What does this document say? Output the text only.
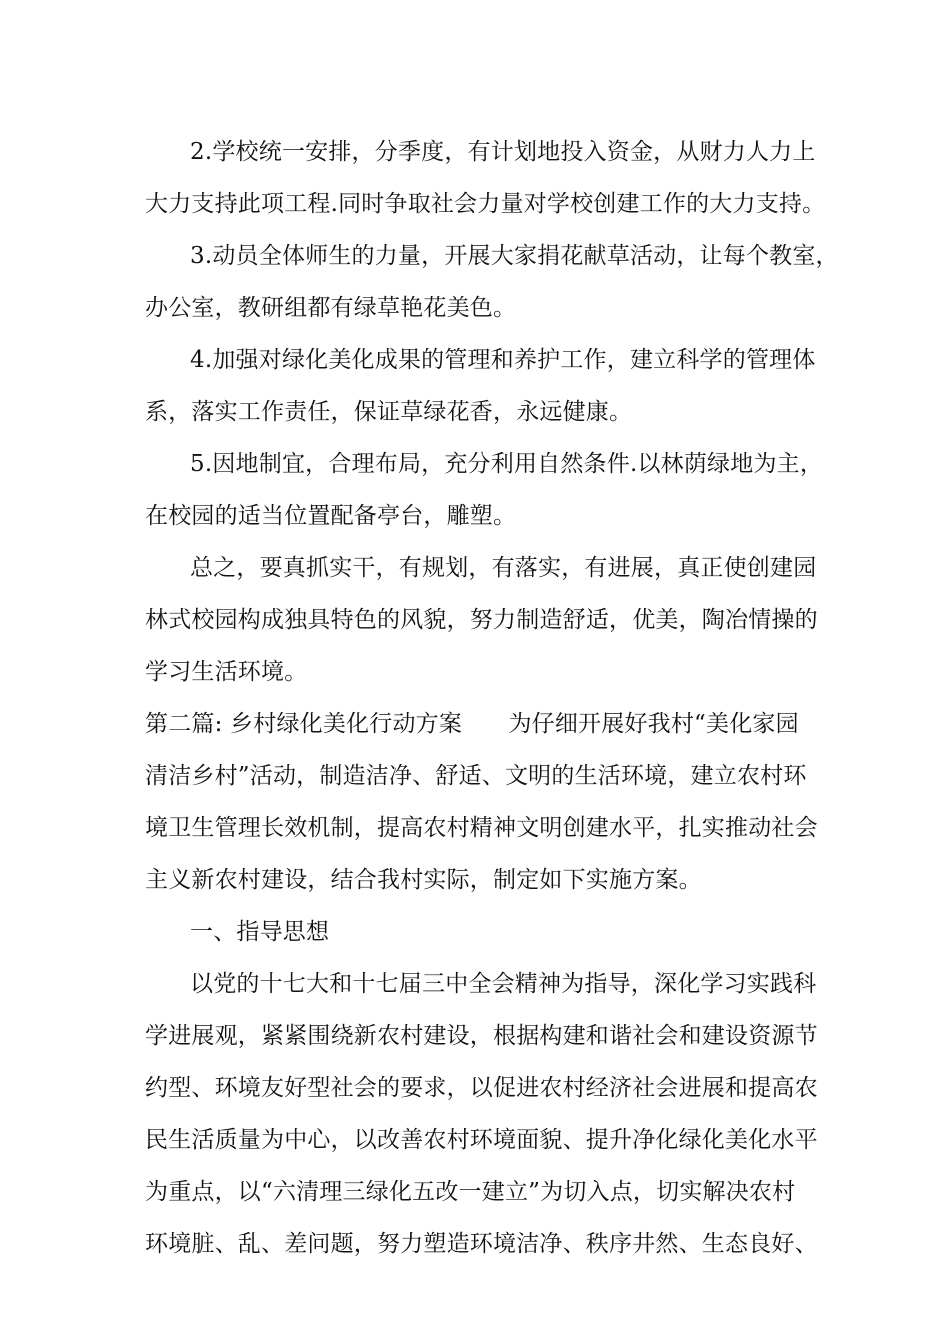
2.学校统一安排，分季度，有计划地投入资金，从财力人力上
大力支持此项工程.同时争取社会力量对学校创建工作的大力支持。
3.动员全体师生的力量，开展大家捐花献草活动，让每个教室，
办公室，教研组都有绿草艳花美色。
4.加强对绿化美化成果的管理和养护工作，建立科学的管理体
系，落实工作责任，保证草绿花香，永远健康。
5.因地制宜，合理布局，充分利用自然条件.以林荫绿地为主，
在校园的适当位置配备亭台，雕塑。
总之，要真抓实干，有规划，有落实，有进展，真正使创建园
林式校园构成独具特色的风貌，努力制造舒适，优美，陶冶情操的
学习生活环境。
第二篇: 乡村绿化美化行动方案　　为仔细开展好我村“美化家园
清洁乡村”活动，制造洁净、舒适、文明的生活环境，建立农村环
境卫生管理长效机制，提高农村精神文明创建水平，扎实推动社会
主义新农村建设，结合我村实际，制定如下实施方案。
一、指导思想
以党的十七大和十七届三中全会精神为指导，深化学习实践科
学进展观，紧紧围绕新农村建设，根据构建和谐社会和建设资源节
约型、环境友好型社会的要求，以促进农村经济社会进展和提高农
民生活质量为中心，以改善农村环境面貌、提升净化绿化美化水平
为重点，以“六清理三绿化五改一建立”为切入点，切实解决农村
环境脏、乱、差问题，努力塑造环境洁净、秩序井然、生态良好、
